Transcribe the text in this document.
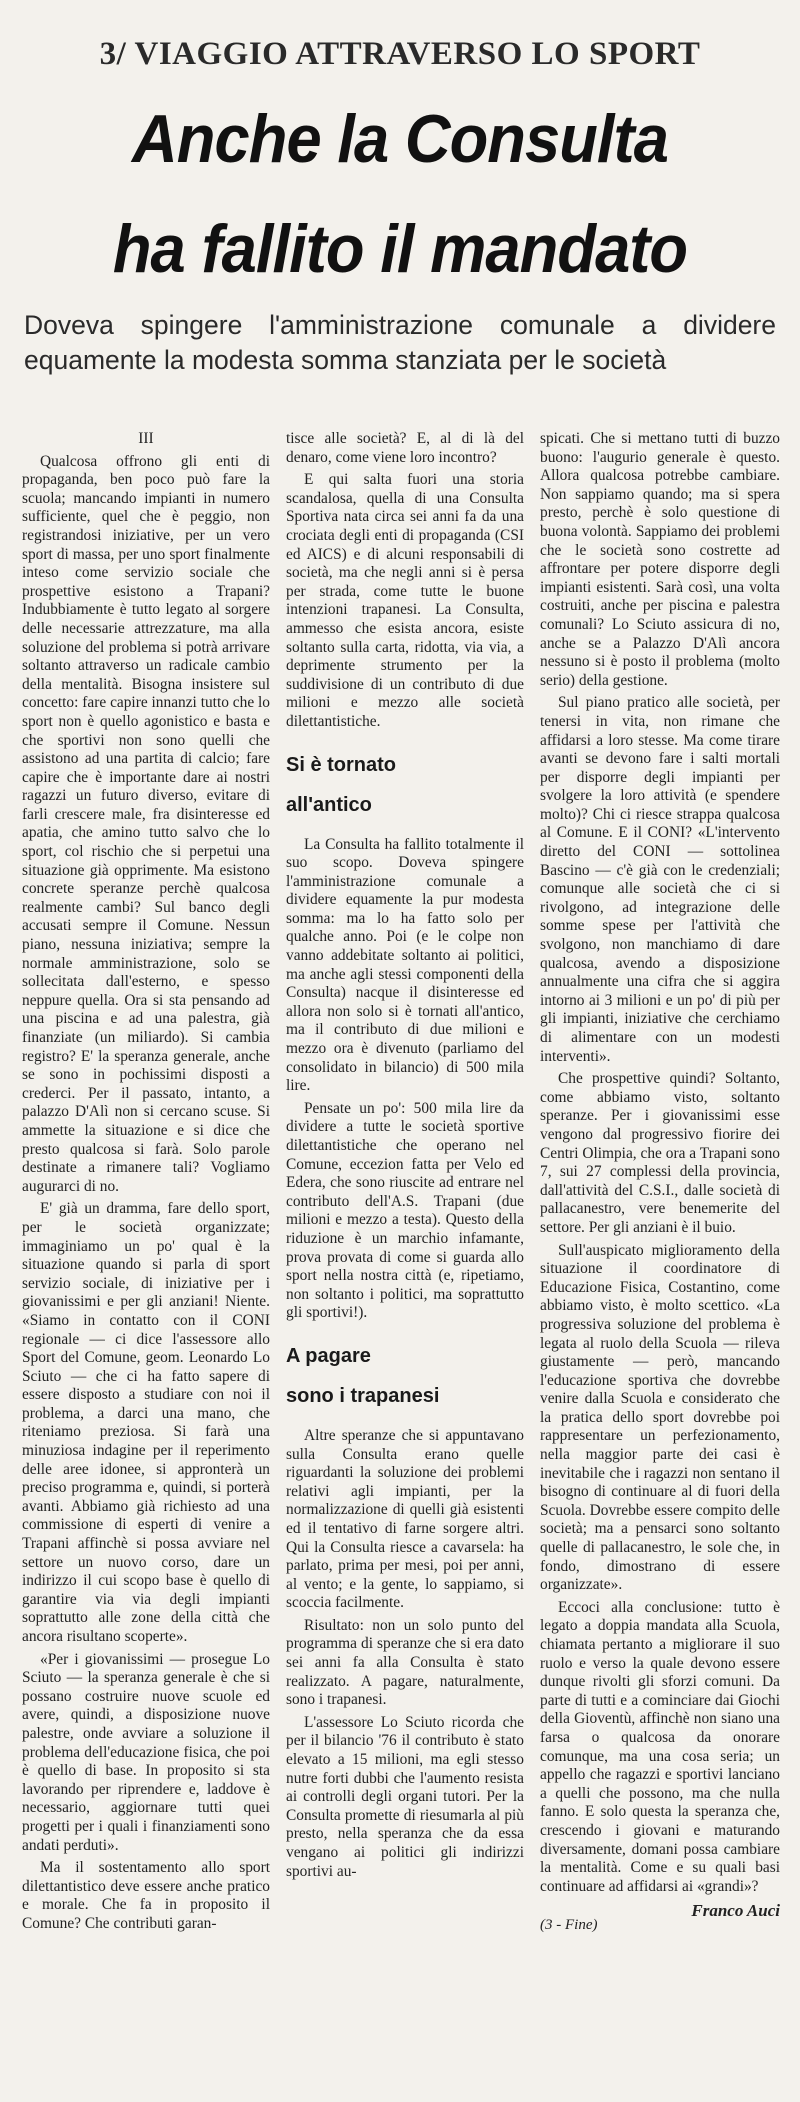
3/ VIAGGIO ATTRAVERSO LO SPORT
Anche la Consulta
ha fallito il mandato
Doveva spingere l'amministrazione comunale a dividere equamente la modesta somma stanziata per le società
III

Qualcosa offrono gli enti di propaganda, ben poco può fare la scuola; mancando impianti in numero sufficiente, quel che è peggio, non registrandosi iniziative, per un vero sport di massa, per uno sport finalmente inteso come servizio sociale che prospettive esistono a Trapani? Indubbiamente è tutto legato al sorgere delle necessarie attrezzature, ma alla soluzione del problema si potrà arrivare soltanto attraverso un radicale cambio della mentalità. Bisogna insistere sul concetto: fare capire innanzi tutto che lo sport non è quello agonistico e basta e che sportivi non sono quelli che assistono ad una partita di calcio; fare capire che è importante dare ai nostri ragazzi un futuro diverso, evitare di farli crescere male, fra disinteresse ed apatia, che amino tutto salvo che lo sport, col rischio che si perpetui una situazione già opprimente. Ma esistono concrete speranze perchè qualcosa realmente cambi? Sul banco degli accusati sempre il Comune. Nessun piano, nessuna iniziativa; sempre la normale amministrazione, solo se sollecitata dall'esterno, e spesso neppure quella. Ora si sta pensando ad una piscina e ad una palestra, già finanziate (un miliardo). Si cambia registro? E' la speranza generale, anche se sono in pochissimi disposti a crederci. Per il passato, intanto, a palazzo D'Alì non si cercano scuse. Si ammette la situazione e si dice che presto qualcosa si farà. Solo parole destinate a rimanere tali? Vogliamo augurarci di no.

E' già un dramma, fare dello sport, per le società organizzate; immaginiamo un po' qual è la situazione quando si parla di sport servizio sociale, di iniziative per i giovanissimi e per gli anziani! Niente. «Siamo in contatto con il CONI regionale — ci dice l'assessore allo Sport del Comune, geom. Leonardo Lo Sciuto — che ci ha fatto sapere di essere disposto a studiare con noi il problema, a darci una mano, che riteniamo preziosa. Si farà una minuziosa indagine per il reperimento delle aree idonee, si appronterà un preciso programma e, quindi, si porterà avanti. Abbiamo già richiesto ad una commissione di esperti di venire a Trapani affinchè si possa avviare nel settore un nuovo corso, dare un indirizzo il cui scopo base è quello di garantire via via degli impianti soprattutto alle zone della città che ancora risultano scoperte».

«Per i giovanissimi — prosegue Lo Sciuto — la speranza generale è che si possano costruire nuove scuole ed avere, quindi, a disposizione nuove palestre, onde avviare a soluzione il problema dell'educazione fisica, che poi è quello di base. In proposito si sta lavorando per riprendere e, laddove è necessario, aggiornare tutti quei progetti per i quali i finanziamenti sono andati perduti».

Ma il sostentamento allo sport dilettantistico deve essere anche pratico e morale. Che fa in proposito il Comune? Che contributi garan-

tisce alle società? E, al di là del denaro, come viene loro incontro?

E qui salta fuori una storia scandalosa, quella di una Consulta Sportiva nata circa sei anni fa da una crociata degli enti di propaganda (CSI ed AICS) e di alcuni responsabili di società, ma che negli anni si è persa per strada, come tutte le buone intenzioni trapanesi. La Consulta, ammesso che esista ancora, esiste soltanto sulla carta, ridotta, via via, a deprimente strumento per la suddivisione di un contributo di due milioni e mezzo alle società dilettantistiche.

Si è tornato
all'antico

La Consulta ha fallito totalmente il suo scopo. Doveva spingere l'amministrazione comunale a dividere equamente la pur modesta somma: ma lo ha fatto solo per qualche anno. Poi (e le colpe non vanno addebitate soltanto ai politici, ma anche agli stessi componenti della Consulta) nacque il disinteresse ed allora non solo si è tornati all'antico, ma il contributo di due milioni e mezzo ora è divenuto (parliamo del consolidato in bilancio) di 500 mila lire.

Pensate un po': 500 mila lire da dividere a tutte le società sportive dilettantistiche che operano nel Comune, eccezion fatta per Velo ed Edera, che sono riuscite ad entrare nel contributo dell'A.S. Trapani (due milioni e mezzo a testa). Questo della riduzione è un marchio infamante, prova provata di come si guarda allo sport nella nostra città (e, ripetiamo, non soltanto i politici, ma soprattutto gli sportivi!).

A pagare
sono i trapanesi

Altre speranze che si appuntavano sulla Consulta erano quelle riguardanti la soluzione dei problemi relativi agli impianti, per la normalizzazione di quelli già esistenti ed il tentativo di farne sorgere altri. Qui la Consulta riesce a cavarsela: ha parlato, prima per mesi, poi per anni, al vento; e la gente, lo sappiamo, si scoccia facilmente.

Risultato: non un solo punto del programma di speranze che si era dato sei anni fa alla Consulta è stato realizzato. A pagare, naturalmente, sono i trapanesi.

L'assessore Lo Sciuto ricorda che per il bilancio '76 il contributo è stato elevato a 15 milioni, ma egli stesso nutre forti dubbi che l'aumento resista ai controlli degli organi tutori. Per la Consulta promette di riesumarla al più presto, nella speranza che da essa vengano ai politici gli indirizzi sportivi au-

spicati. Che si mettano tutti di buzzo buono: l'augurio generale è questo. Allora qualcosa potrebbe cambiare. Non sappiamo quando; ma si spera presto, perchè è solo questione di buona volontà. Sappiamo dei problemi che le società sono costrette ad affrontare per potere disporre degli impianti esistenti. Sarà così, una volta costruiti, anche per piscina e palestra comunali? Lo Sciuto assicura di no, anche se a Palazzo D'Alì ancora nessuno si è posto il problema (molto serio) della gestione.

Sul piano pratico alle società, per tenersi in vita, non rimane che affidarsi a loro stesse. Ma come tirare avanti se devono fare i salti mortali per disporre degli impianti per svolgere la loro attività (e spendere molto)? Chi ci riesce strappa qualcosa al Comune. E il CONI? «L'intervento diretto del CONI — sottolinea Bascino — c'è già con le credenziali; comunque alle società che ci si rivolgono, ad integrazione delle somme spese per l'attività che svolgono, non manchiamo di dare qualcosa, avendo a disposizione annualmente una cifra che si aggira intorno ai 3 milioni e un po' di più per gli impianti, iniziative che cerchiamo di alimentare con un modesti interventi».

Che prospettive quindi? Soltanto, come abbiamo visto, soltanto speranze. Per i giovanissimi esse vengono dal progressivo fiorire dei Centri Olimpia, che ora a Trapani sono 7, sui 27 complessi della provincia, dall'attività del C.S.I., dalle società di pallacanestro, vere benemerite del settore. Per gli anziani è il buio.

Sull'auspicato miglioramento della situazione il coordinatore di Educazione Fisica, Costantino, come abbiamo visto, è molto scettico. «La progressiva soluzione del problema è legata al ruolo della Scuola — rileva giustamente — però, mancando l'educazione sportiva che dovrebbe venire dalla Scuola e considerato che la pratica dello sport dovrebbe poi rappresentare un perfezionamento, nella maggior parte dei casi è inevitabile che i ragazzi non sentano il bisogno di continuare al di fuori della Scuola. Dovrebbe essere compito delle società; ma a pensarci sono soltanto quelle di pallacanestro, le sole che, in fondo, dimostrano di essere organizzate».

Eccoci alla conclusione: tutto è legato a doppia mandata alla Scuola, chiamata pertanto a migliorare il suo ruolo e verso la quale devono essere dunque rivolti gli sforzi comuni. Da parte di tutti e a cominciare dai Giochi della Gioventù, affinchè non siano una farsa o qualcosa da onorare comunque, ma una cosa seria; un appello che ragazzi e sportivi lanciano a quelli che possono, ma che nulla fanno. E solo questa la speranza che, crescendo i giovani e maturando diversamente, domani possa cambiare la mentalità. Come e su quali basi continuare ad affidarsi ai «grandi»?

Franco Auci
(3 - Fine)
